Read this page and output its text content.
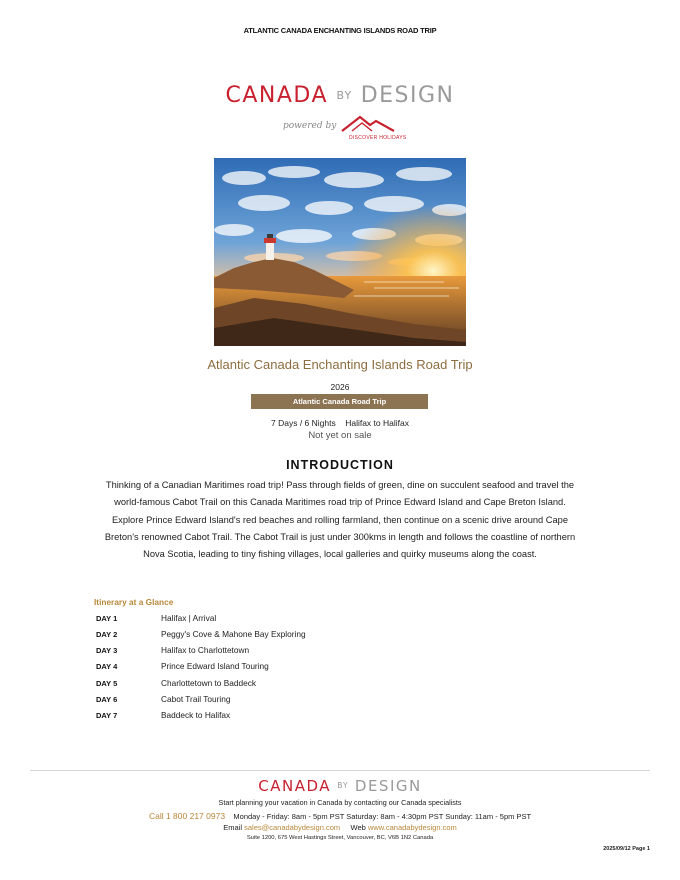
ATLANTIC CANADA ENCHANTING ISLANDS ROAD TRIP
CANADA BY DESIGN
powered by
DISCOVER HOLIDAYS
Atlantic Canada Enchanting Islands Road Trip
2026
Atlantic Canada Road Trip
7 Days / 6 Nights Halifax to Halifax
Not yet on sale
INTRODUCTION
Thinking of a Canadian Maritimes road trip! Pass through fields of green, dine on succulent seafood and travel the world-famous Cabot Trail on this Canada Maritimes road trip of Prince Edward Island and Cape Breton Island. Explore Prince Edward Island's red beaches and rolling farmland, then continue on a scenic drive around Cape Breton's renowned Cabot Trail. The Cabot Trail is just under 300kms in length and follows the coastline of northern Nova Scotia, leading to tiny fishing villages, local galleries and quirky museums along the coast.
Itinerary at a Glance
DAY 1	Halifax | Arrival
DAY 2	Peggy's Cove & Mahone Bay Exploring
DAY 3	Halifax to Charlottetown
DAY 4	Prince Edward Island Touring
DAY 5	Charlottetown to Baddeck
DAY 6	Cabot Trail Touring
DAY 7	Baddeck to Halifax
CANADA BY DESIGN
Start planning your vacation in Canada by contacting our Canada specialists
Call 1 800 217 0973 Monday - Friday: 8am - 5pm PST Saturday: 8am - 4:30pm PST Sunday: 11am - 5pm PST
Email sales@canadabydesign.com Web www.canadabydesign.com
Suite 1200, 675 West Hastings Street, Vancouver, BC, V6B 1N2 Canada
2025/09/12 Page 1
